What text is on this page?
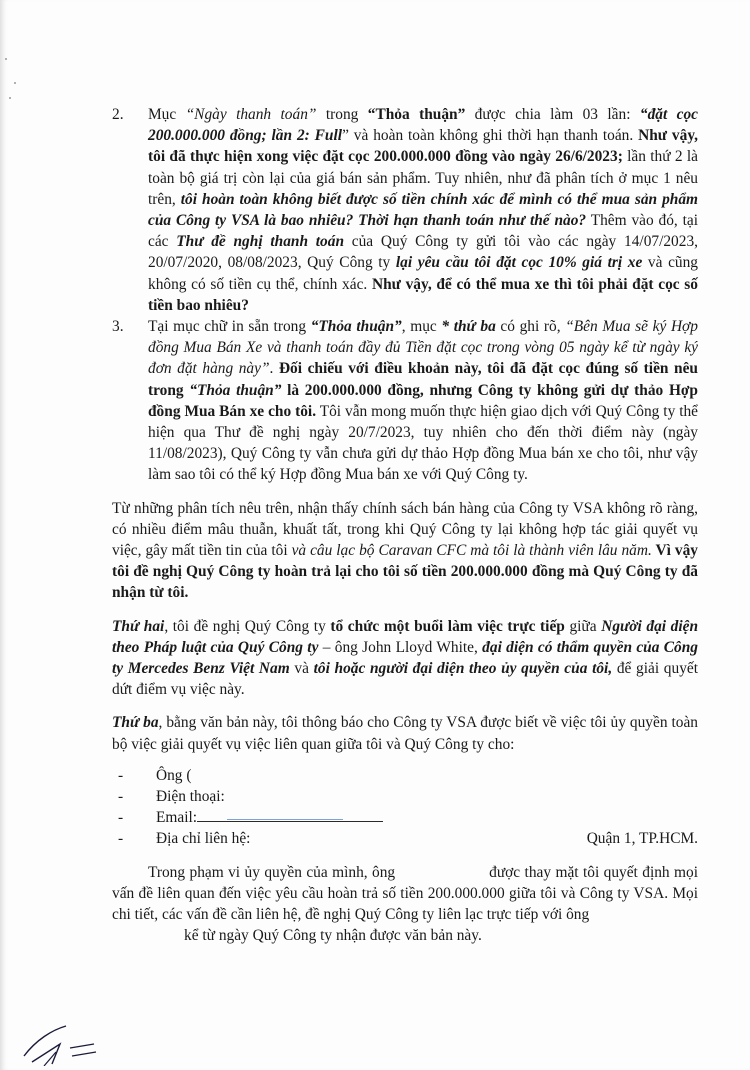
2. Mục “Ngày thanh toán” trong “Thỏa thuận” được chia làm 03 lần: “đặt cọc 200.000.000 đồng; lần 2: Full” và hoàn toàn không ghi thời hạn thanh toán. Như vậy, tôi đã thực hiện xong việc đặt cọc 200.000.000 đồng vào ngày 26/6/2023; lần thứ 2 là toàn bộ giá trị còn lại của giá bán sản phẩm. Tuy nhiên, như đã phân tích ở mục 1 nêu trên, tôi hoàn toàn không biết được số tiền chính xác để mình có thể mua sản phẩm của Công ty VSA là bao nhiêu? Thời hạn thanh toán như thế nào? Thêm vào đó, tại các Thư đề nghị thanh toán của Quý Công ty gửi tôi vào các ngày 14/07/2023, 20/07/2020, 08/08/2023, Quý Công ty lại yêu cầu tôi đặt cọc 10% giá trị xe và cũng không có số tiền cụ thể, chính xác. Như vậy, để có thể mua xe thì tôi phải đặt cọc số tiền bao nhiêu?

3. Tại mục chữ in sẵn trong “Thỏa thuận”, mục * thứ ba có ghi rõ, “Bên Mua sẽ ký Hợp đồng Mua Bán Xe và thanh toán đầy đủ Tiền đặt cọc trong vòng 05 ngày kể từ ngày ký đơn đặt hàng này”. Đối chiếu với điều khoản này, tôi đã đặt cọc đúng số tiền nêu trong “Thỏa thuận” là 200.000.000 đồng, nhưng Công ty không gửi dự thảo Hợp đồng Mua Bán xe cho tôi. Tôi vẫn mong muốn thực hiện giao dịch với Quý Công ty thể hiện qua Thư đề nghị ngày 20/7/2023, tuy nhiên cho đến thời điểm này (ngày 11/08/2023), Quý Công ty vẫn chưa gửi dự thảo Hợp đồng Mua bán xe cho tôi, như vậy làm sao tôi có thể ký Hợp đồng Mua bán xe với Quý Công ty.

Từ những phân tích nêu trên, nhận thấy chính sách bán hàng của Công ty VSA không rõ ràng, có nhiều điểm mâu thuẫn, khuất tất, trong khi Quý Công ty lại không hợp tác giải quyết vụ việc, gây mất tiền tin của tôi và câu lạc bộ Caravan CFC mà tôi là thành viên lâu năm. Vì vậy tôi đề nghị Quý Công ty hoàn trả lại cho tôi số tiền 200.000.000 đồng mà Quý Công ty đã nhận từ tôi.

Thứ hai, tôi đề nghị Quý Công ty tổ chức một buổi làm việc trực tiếp giữa Người đại diện theo Pháp luật của Quý Công ty – ông John Lloyd White, đại diện có thẩm quyền của Công ty Mercedes Benz Việt Nam và tôi hoặc người đại diện theo ủy quyền của tôi, để giải quyết dứt điểm vụ việc này.

Thứ ba, bằng văn bản này, tôi thông báo cho Công ty VSA được biết về việc tôi ủy quyền toàn bộ việc giải quyết vụ việc liên quan giữa tôi và Quý Công ty cho:

- Ông (
- Điện thoại:
- Email:
- Địa chỉ liên hệ:	Quận 1, TP.HCM.

Trong phạm vi ủy quyền của mình, ông	được thay mặt tôi quyết định mọi vấn đề liên quan đến việc yêu cầu hoàn trả số tiền 200.000.000 giữa tôi và Công ty VSA. Mọi chi tiết, các vấn đề cần liên hệ, đề nghị Quý Công ty liên lạc trực tiếp với ông

kể từ ngày Quý Công ty nhận được văn bản này.
